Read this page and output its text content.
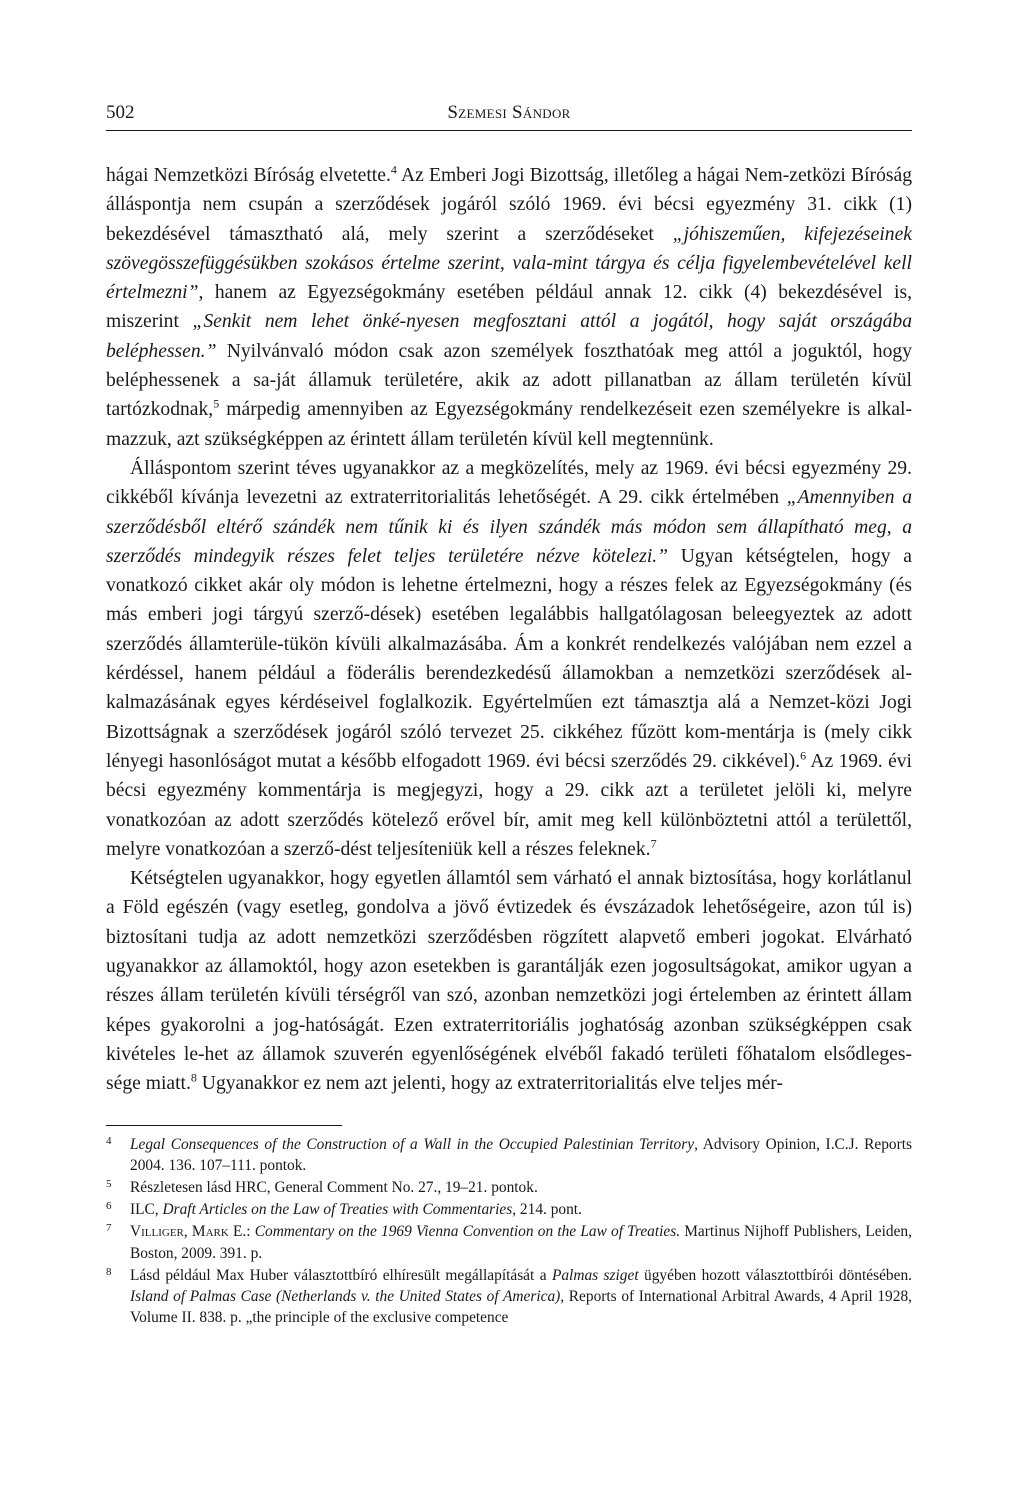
502	Szemesi Sándor

hágai Nemzetközi Bíróság elvetette.$^4$ Az Emberi Jogi Bizottság, illetőleg a hágai Nem-zetközi Bíróság álláspontja nem csupán a szerződések jogáról szóló 1969. évi bécsi egyezmény 31. cikk (1) bekezdésével támasztható alá, mely szerint a szerződéseket „jóhiszeműen, kifejezéseinek szövegösszefüggésükben szokásos értelme szerint, vala-mint tárgya és célja figyelembevételével kell értelmezni”, hanem az Egyezségokmány esetében például annak 12. cikk (4) bekezdésével is, miszerint „Senkit nem lehet önké-nyesen megfosztani attól a jogától, hogy saját országába beléphessen.” Nyilvánvaló módon csak azon személyek foszthatóak meg attól a joguktól, hogy beléphessenek a sa-ját államuk területére, akik az adott pillanatban az állam területén kívül tartózkodnak,$^5$ márpedig amennyiben az Egyezségokmány rendelkezéseit ezen személyekre is alkal-mazzuk, azt szükségképpen az érintett állam területén kívül kell megtennünk.

Álláspontom szerint téves ugyanakkor az a megközelítés, mely az 1969. évi bécsi egyezmény 29. cikkéből kívánja levezetni az extraterritorialitás lehetőségét. A 29. cikk értelmében „Amennyiben a szerződésből eltérő szándék nem tűnik ki és ilyen szándék más módon sem állapítható meg, a szerződés mindegyik részes felet teljes területére nézve kötelezi.” Ugyan kétségtelen, hogy a vonatkozó cikket akár oly módon is lehetne értelmezni, hogy a részes felek az Egyezségokmány (és más emberi jogi tárgyú szerző-dések) esetében legalábbis hallgatólagosan beleegyeztek az adott szerződés államterüle-tükön kívüli alkalmazásába. Ám a konkrét rendelkezés valójában nem ezzel a kérdéssel, hanem például a föderális berendezkedésű államokban a nemzetközi szerződések al-kalmazásának egyes kérdéseivel foglalkozik. Egyértelműen ezt támasztja alá a Nemzet-közi Jogi Bizottságnak a szerződések jogáról szóló tervezet 25. cikkéhez fűzött kom-mentárja is (mely cikk lényegi hasonlóságot mutat a később elfogadott 1969. évi bécsi szerződés 29. cikkével).$^6$ Az 1969. évi bécsi egyezmény kommentárja is megjegyzi, hogy a 29. cikk azt a területet jelöli ki, melyre vonatkozóan az adott szerződés kötelező erővel bír, amit meg kell különböztetni attól a területtől, melyre vonatkozóan a szerző-dést teljesíteniük kell a részes feleknek.$^7$

Kétségtelen ugyanakkor, hogy egyetlen államtól sem várható el annak biztosítása, hogy korlátlanul a Föld egészén (vagy esetleg, gondolva a jövő évtizedek és évszázadok lehetőségeire, azon túl is) biztosítani tudja az adott nemzetközi szerződésben rögzített alapvető emberi jogokat. Elvárható ugyanakkor az államoktól, hogy azon esetekben is garantálják ezen jogosultságokat, amikor ugyan a részes állam területén kívüli térségről van szó, azonban nemzetközi jogi értelemben az érintett állam képes gyakorolni a jog-hatóságát. Ezen extraterritoriális joghatóság azonban szükségképpen csak kivételes le-het az államok szuverén egyenlőségének elvéből fakadó területi főhatalom elsődleges-sége miatt.$^8$ Ugyanakkor ez nem azt jelenti, hogy az extraterritorialitás elve teljes mér-

4 Legal Consequences of the Construction of a Wall in the Occupied Palestinian Territory, Advisory Opinion, I.C.J. Reports 2004. 136. 107–111. pontok.
5 Részletesen lásd HRC, General Comment No. 27., 19–21. pontok.
6 ILC, Draft Articles on the Law of Treaties with Commentaries, 214. pont.
7 Villiger, Mark E.: Commentary on the 1969 Vienna Convention on the Law of Treaties. Martinus Nijhoff Publishers, Leiden, Boston, 2009. 391. p.
8 Lásd például Max Huber választottbíró elhíresült megállapítását a Palmas sziget ügyében hozott választottbírói döntésében. Island of Palmas Case (Netherlands v. the United States of America), Reports of International Arbitral Awards, 4 April 1928, Volume II. 838. p. „the principle of the exclusive competence
